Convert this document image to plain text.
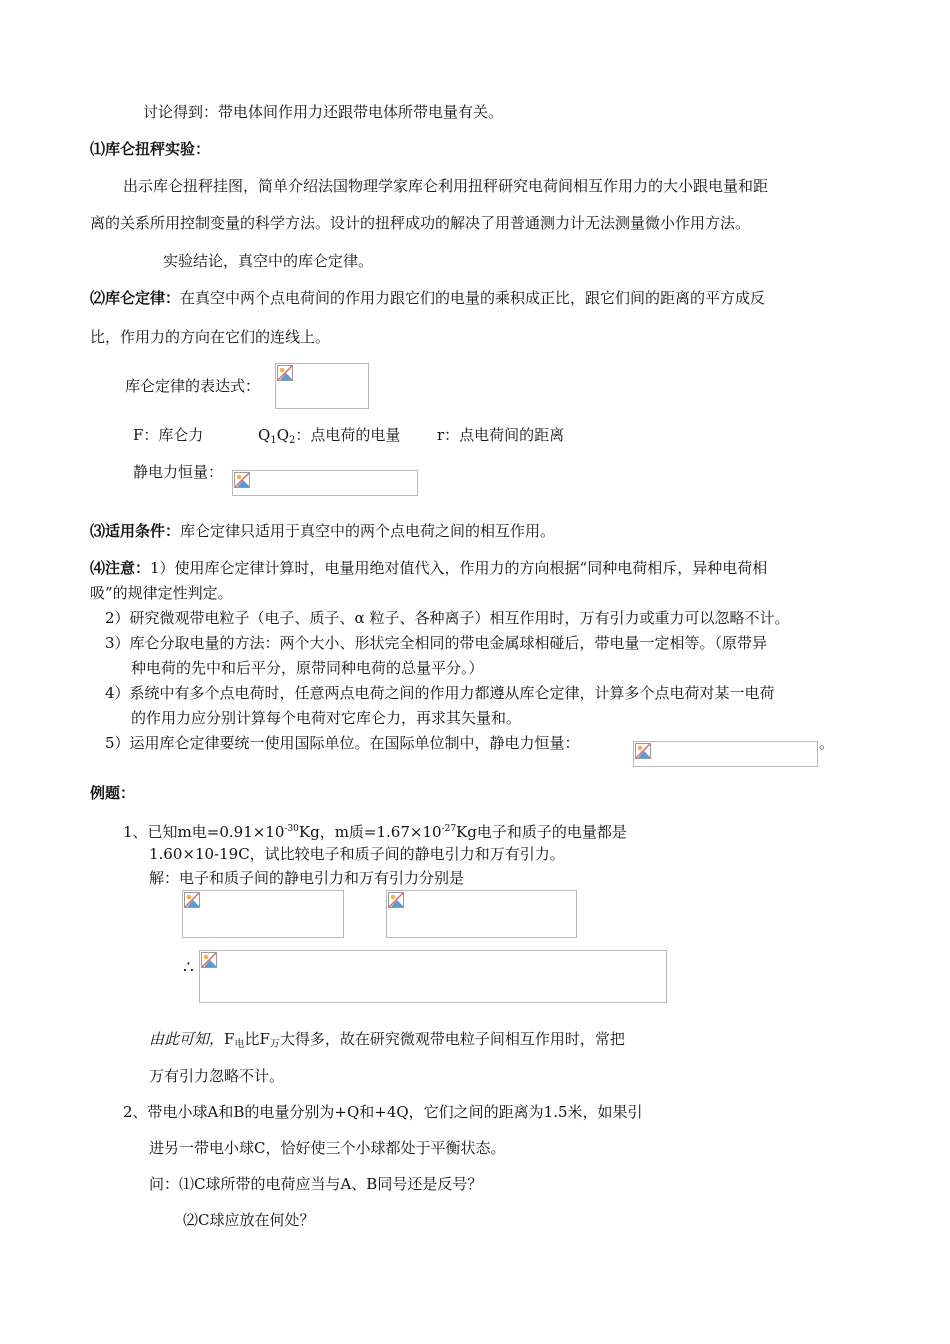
讨论得到：带电体间作用力还跟带电体所带电量有关。
⑴库仑扭秤实验：
出示库仑扭秤挂图，简单介绍法国物理学家库仑利用扭秤研究电荷间相互作用力的大小跟电量和距
离的关系所用控制变量的科学方法。设计的扭秤成功的解决了用普通测力计无法测量微小作用方法。
实验结论，真空中的库仑定律。
⑵库仑定律：在真空中两个点电荷间的作用力跟它们的电量的乘积成正比，跟它们间的距离的平方成反
比，作用力的方向在它们的连线上。
库仑定律的表达式：
F：库仑力	$Q_1Q_2$：点电荷的电量 r：点电荷间的距离
静电力恒量：
⑶适用条件：库仑定律只适用于真空中的两个点电荷之间的相互作用。
⑷注意：1）使用库仑定律计算时，电量用绝对值代入，作用力的方向根据“同种电荷相斥，异种电荷相
吸”的规律定性判定。
2）研究微观带电粒子（电子、质子、α 粒子、各种离子）相互作用时，万有引力或重力可以忽略不计。
3）库仑分取电量的方法：两个大小、形状完全相同的带电金属球相碰后，带电量一定相等。（原带异
种电荷的先中和后平分，原带同种电荷的总量平分。）
4）系统中有多个点电荷时，任意两点电荷之间的作用力都遵从库仑定律，计算多个点电荷对某一电荷
的作用力应分别计算每个电荷对它库仑力，再求其矢量和。
5）运用库仑定律要统一使用国际单位。在国际单位制中，静电力恒量：	。
例题：
1、已知m电$=0.91\times 10^{-30}Kg$，m质$=1.67\times 10^{-27}Kg$电子和质子的电量都是
1.60×10-19C，试比较电子和质子间的静电引力和万有引力。
解：电子和质子间的静电引力和万有引力分别是
∴
由此可知，$F_电$比$F_万$大得多，故在研究微观带电粒子间相互作用时，常把
万有引力忽略不计。
2、带电小球A和B的电量分别为+Q和+4Q，它们之间的距离为1.5米，如果引
进另一带电小球C，恰好使三个小球都处于平衡状态。
问：⑴C球所带的电荷应当与A、B同号还是反号？
⑵C球应放在何处？
